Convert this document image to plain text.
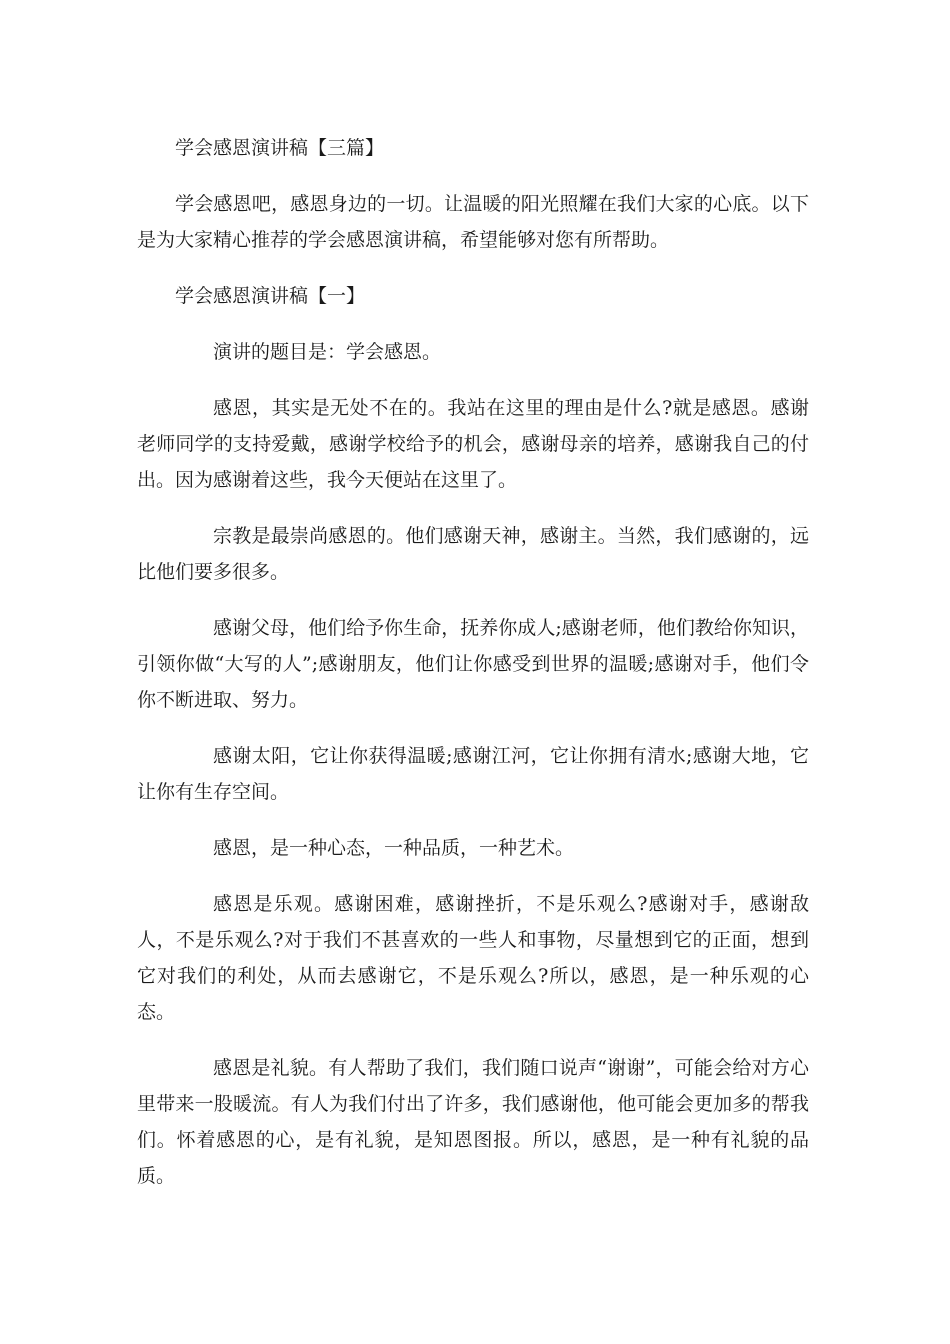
学会感恩演讲稿【三篇】

学会感恩吧，感恩身边的一切。让温暖的阳光照耀在我们大家的心底。以下是为大家精心推荐的学会感恩演讲稿，希望能够对您有所帮助。

学会感恩演讲稿【一】

演讲的题目是：学会感恩。

感恩，其实是无处不在的。我站在这里的理由是什么?就是感恩。感谢老师同学的支持爱戴，感谢学校给予的机会，感谢母亲的培养，感谢我自己的付出。因为感谢着这些，我今天便站在这里了。

宗教是最崇尚感恩的。他们感谢天神，感谢主。当然，我们感谢的，远比他们要多很多。

感谢父母，他们给予你生命，抚养你成人;感谢老师，他们教给你知识，引领你做“大写的人”;感谢朋友，他们让你感受到世界的温暖;感谢对手，他们令你不断进取、努力。

感谢太阳，它让你获得温暖;感谢江河，它让你拥有清水;感谢大地，它让你有生存空间。

感恩，是一种心态，一种品质，一种艺术。

感恩是乐观。感谢困难，感谢挫折，不是乐观么?感谢对手，感谢敌人，不是乐观么?对于我们不甚喜欢的一些人和事物，尽量想到它的正面，想到它对我们的利处，从而去感谢它，不是乐观么?所以，感恩，是一种乐观的心态。

感恩是礼貌。有人帮助了我们，我们随口说声“谢谢”，可能会给对方心里带来一股暖流。有人为我们付出了许多，我们感谢他，他可能会更加多的帮我们。怀着感恩的心，是有礼貌，是知恩图报。所以，感恩，是一种有礼貌的品质。
